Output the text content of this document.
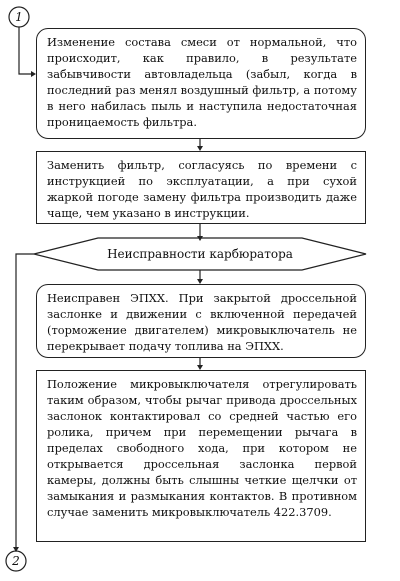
1
2

Изменение состава смеси от нормальной, что происходит, как правило, в результате забывчивости автовладельца (забыл, когда в последний раз менял воздушный фильтр, а потому в него набилась пыль и наступила недостаточная проницаемость фильтра.

Заменить фильтр, согласуясь по времени с инструкцией по эксплуатации, а при сухой жаркой погоде замену фильтра производить даже чаще, чем указано в инструкции.

Неисправности карбюратора

Неисправен ЭПХХ. При закрытой дроссельной заслонке и движении с включенной передачей (торможение двигателем) микровыключатель не перекрывает подачу топлива на ЭПХХ.

Положение микровыключателя отрегулировать таким образом, чтобы рычаг привода дроссельных заслонок контактировал со средней частью его ролика, причем при перемещении рычага в пределах свободного хода, при котором не открывается дроссельная заслонка первой камеры, должны быть слышны четкие щелчки от замыкания и размыкания контактов. В противном случае заменить микровыключатель 422.3709.
